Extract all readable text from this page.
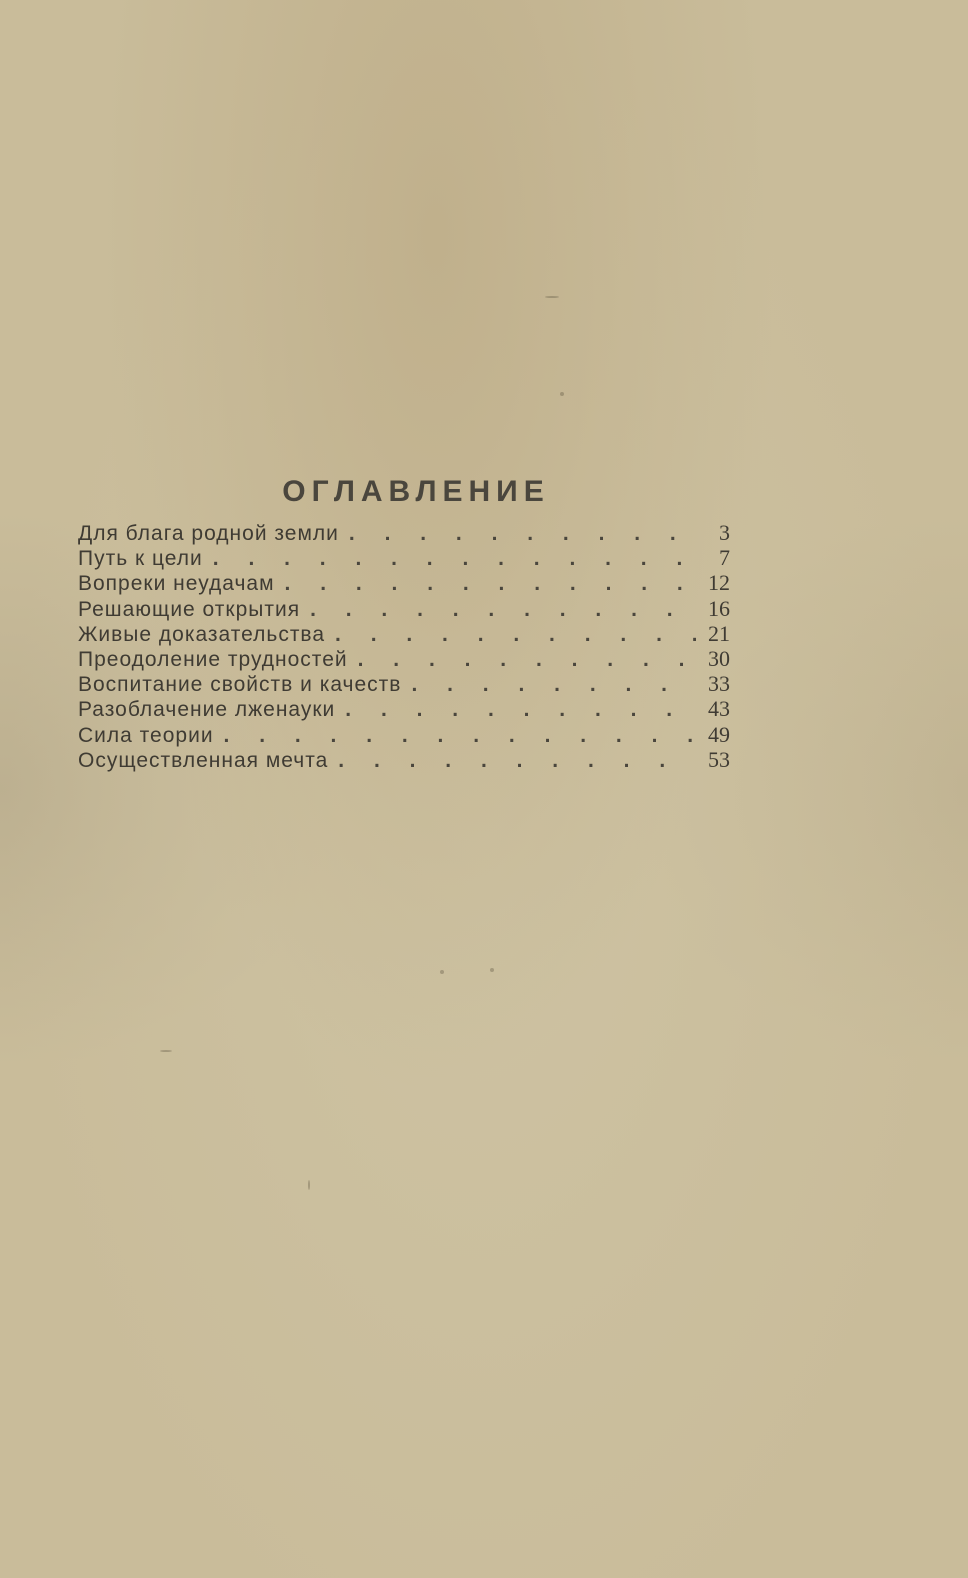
ОГЛАВЛЕНИЕ
Для блага родной земли . . .	3
Путь к цели . . .	7
Вопреки неудачам . . .	12
Решающие открытия . . .	16
Живые доказательства . . .	21
Преодоление трудностей . . .	30
Воспитание свойств и качеств . . .	33
Разоблачение лженауки . . .	43
Сила теории . . .	49
Осуществленная мечта . . .	53
